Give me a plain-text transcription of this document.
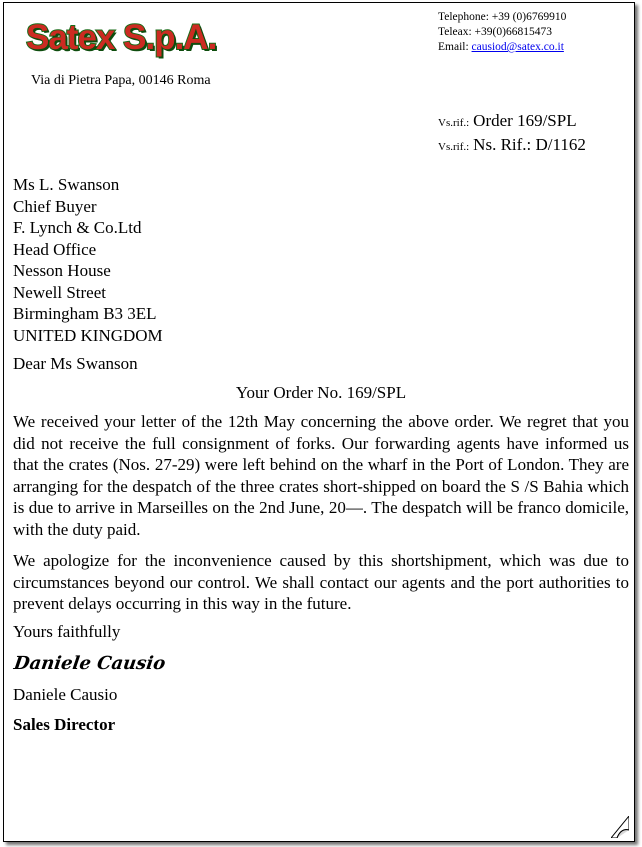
Satex S.p.A.
Via di Pietra Papa, 00146 Roma
Telephone: +39 (0)6769910
Teleax: +39(0)66815473
Email: causiod@satex.co.it
Vs.rif.: Order 169/SPL
Vs.rif.: Ns. Rif.: D/1162
Ms L. Swanson
Chief Buyer
F. Lynch & Co.Ltd
Head Office
Nesson House
Newell Street
Birmingham B3 3EL
UNITED KINGDOM
Dear Ms Swanson
Your Order No. 169/SPL

We received your letter of the 12th May concerning the above order. We regret that you did not receive the full consignment of forks. Our forwarding agents have informed us that the crates (Nos. 27-29) were left behind on the wharf in the Port of London. They are arranging for the despatch of the three crates short-shipped on board the S /S Bahia which is due to arrive in Marseilles on the 2nd June, 20—. The despatch will be franco domicile, with the duty paid.

We apologize for the inconvenience caused by this shortshipment, which was due to circumstances beyond our control. We shall contact our agents and the port authorities to prevent delays occurring in this way in the future.

Yours faithfully
Daniele Causio
Daniele Causio
Sales Director
